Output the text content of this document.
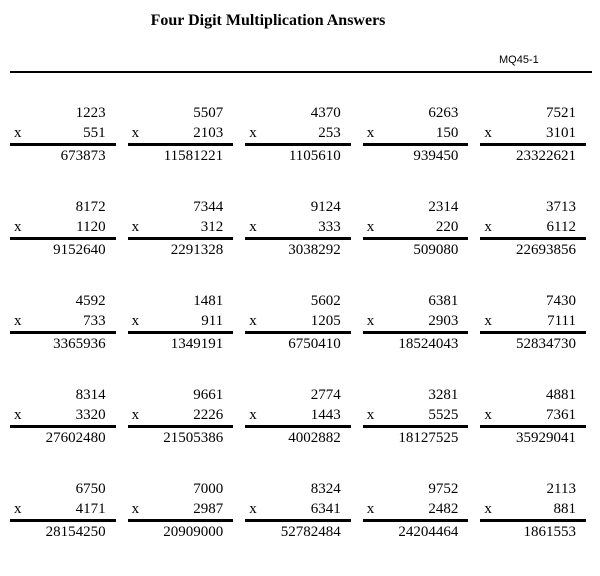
Four Digit Multiplication Answers
MQ45-1
1223
x	551
673873
5507
x	2103
11581221
4370
x	253
1105610
6263
x	150
939450
7521
x	3101
23322621
8172
x	1120
9152640
7344
x	312
2291328
9124
x	333
3038292
2314
x	220
509080
3713
x	6112
22693856
4592
x	733
3365936
1481
x	911
1349191
5602
x	1205
6750410
6381
x	2903
18524043
7430
x	7111
52834730
8314
x	3320
27602480
9661
x	2226
21505386
2774
x	1443
4002882
3281
x	5525
18127525
4881
x	7361
35929041
6750
x	4171
28154250
7000
x	2987
20909000
8324
x	6341
52782484
9752
x	2482
24204464
2113
x	881
1861553
